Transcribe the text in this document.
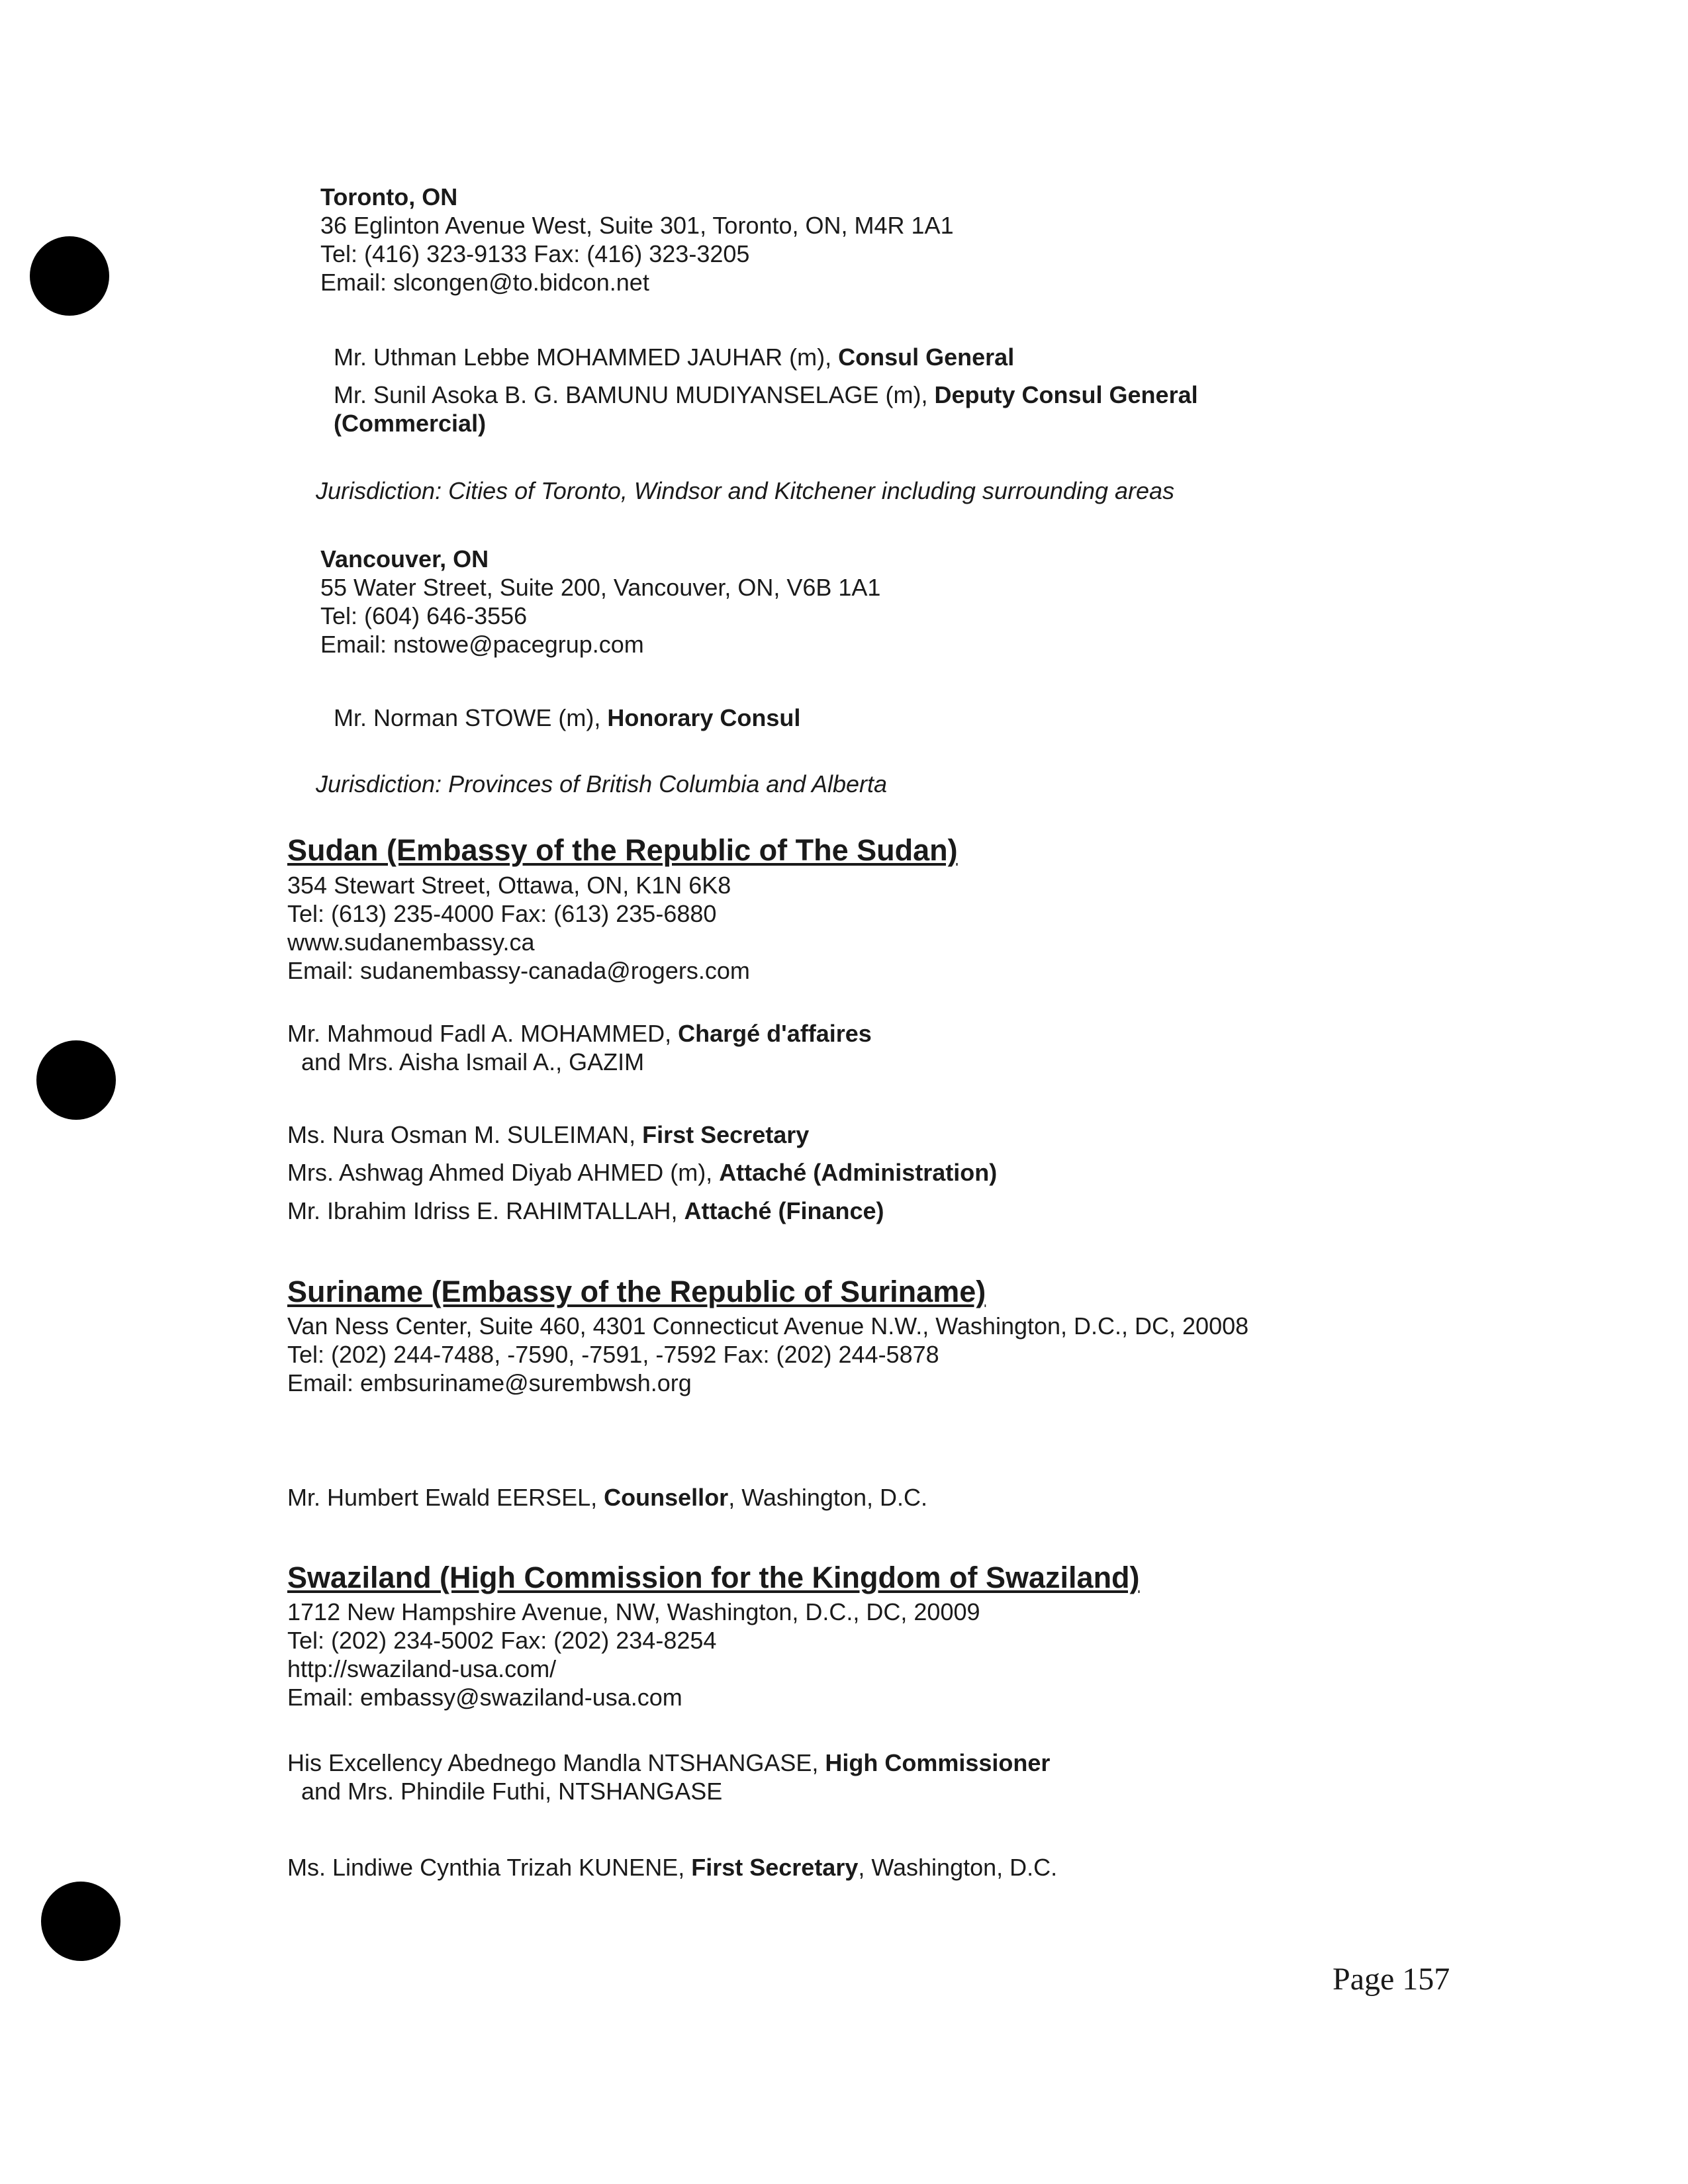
Toronto, ON
36 Eglinton Avenue West, Suite 301, Toronto, ON, M4R 1A1
Tel: (416) 323-9133 Fax: (416) 323-3205
Email: slcongen@to.bidcon.net
Mr. Uthman Lebbe MOHAMMED JAUHAR (m), Consul General
Mr. Sunil Asoka B. G. BAMUNU MUDIYANSELAGE (m), Deputy Consul General
(Commercial)
Jurisdiction: Cities of Toronto, Windsor and Kitchener including surrounding areas
Vancouver, ON
55 Water Street, Suite 200, Vancouver, ON, V6B 1A1
Tel: (604) 646-3556
Email: nstowe@pacegrup.com
Mr. Norman STOWE (m), Honorary Consul
Jurisdiction: Provinces of British Columbia and Alberta
Sudan (Embassy of the Republic of The Sudan)
354 Stewart Street, Ottawa, ON, K1N 6K8
Tel: (613) 235-4000 Fax: (613) 235-6880
www.sudanembassy.ca
Email: sudanembassy-canada@rogers.com
Mr. Mahmoud Fadl A. MOHAMMED, Chargé d'affaires
and Mrs. Aisha Ismail A., GAZIM
Ms. Nura Osman M. SULEIMAN, First Secretary
Mrs. Ashwag Ahmed Diyab AHMED (m), Attaché (Administration)
Mr. Ibrahim Idriss E. RAHIMTALLAH, Attaché (Finance)
Suriname (Embassy of the Republic of Suriname)
Van Ness Center, Suite 460, 4301 Connecticut Avenue N.W., Washington, D.C., DC, 20008
Tel: (202) 244-7488, -7590, -7591, -7592 Fax: (202) 244-5878
Email: embsuriname@surembwsh.org
Mr. Humbert Ewald EERSEL, Counsellor, Washington, D.C.
Swaziland (High Commission for the Kingdom of Swaziland)
1712 New Hampshire Avenue, NW, Washington, D.C., DC, 20009
Tel: (202) 234-5002 Fax: (202) 234-8254
http://swaziland-usa.com/
Email: embassy@swaziland-usa.com
His Excellency Abednego Mandla NTSHANGASE, High Commissioner
and Mrs. Phindile Futhi, NTSHANGASE
Ms. Lindiwe Cynthia Trizah KUNENE, First Secretary, Washington, D.C.
Page 157
